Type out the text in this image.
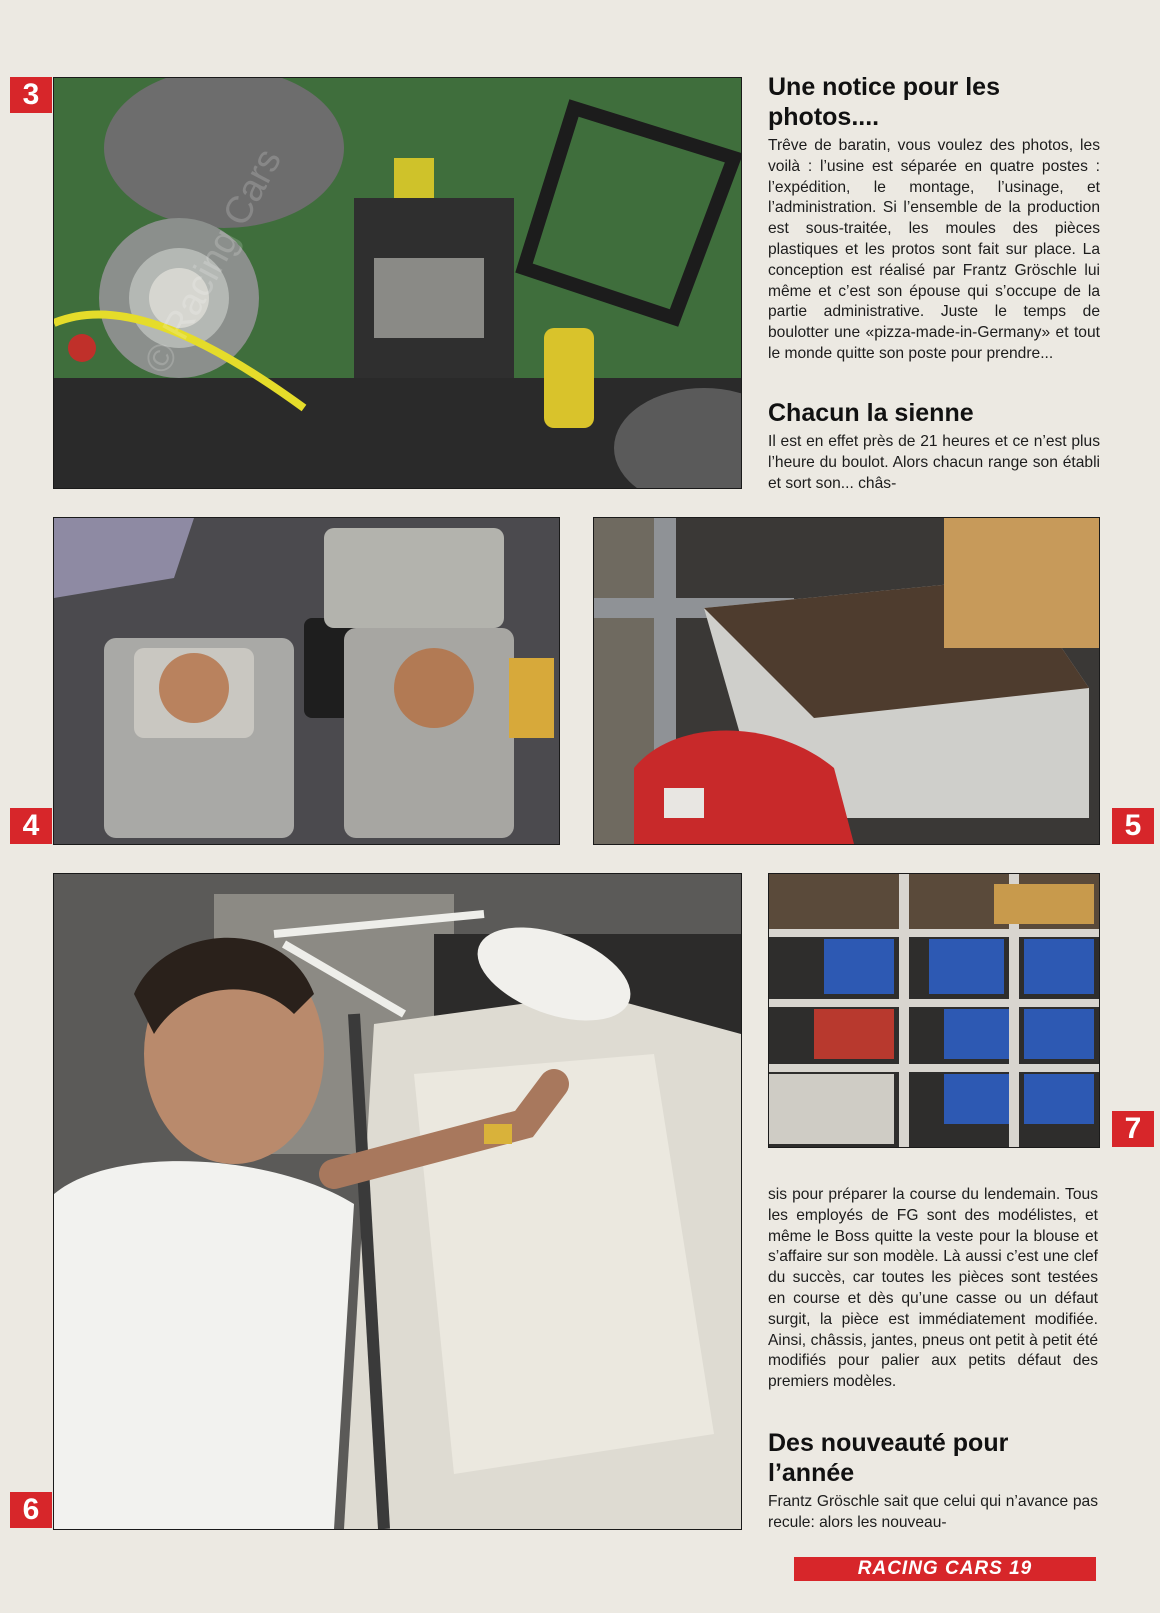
3	Une notice pour les photos....

Trêve de baratin, vous voulez des photos, les voilà : l’usine est séparée en quatre postes : l’expédition, le montage, l’usinage, et l’administration. Si l’ensemble de la production est sous-traitée, les moules des pièces plastiques et les protos sont fait sur place. La conception est réalisé par Frantz Gröschle lui même et c’est son épouse qui s’occupe de la partie administrative. Juste le temps de boulotter une «pizza-made-in-Germany» et tout le monde quitte son poste pour prendre...

Chacun la sienne

Il est en effet près de 21 heures et ce n’est plus l’heure du boulot. Alors chacun range son établi et sort son... châs-

4	5
6
7

sis pour préparer la course du lendemain. Tous les employés de FG sont des modélistes, et même le Boss quitte la veste pour la blouse et s’affaire sur son modèle. Là aussi c’est une clef du succès, car toutes les pièces sont testées en course et dès qu’une casse ou un défaut surgit, la pièce est immédiatement modifiée. Ainsi, châssis, jantes, pneus ont petit à petit été modifiés pour palier aux petits défaut des premiers modèles.

Des nouveauté pour l’année

Frantz Gröschle sait que celui qui n’avance pas recule: alors les nouveau-

RACING CARS 19
